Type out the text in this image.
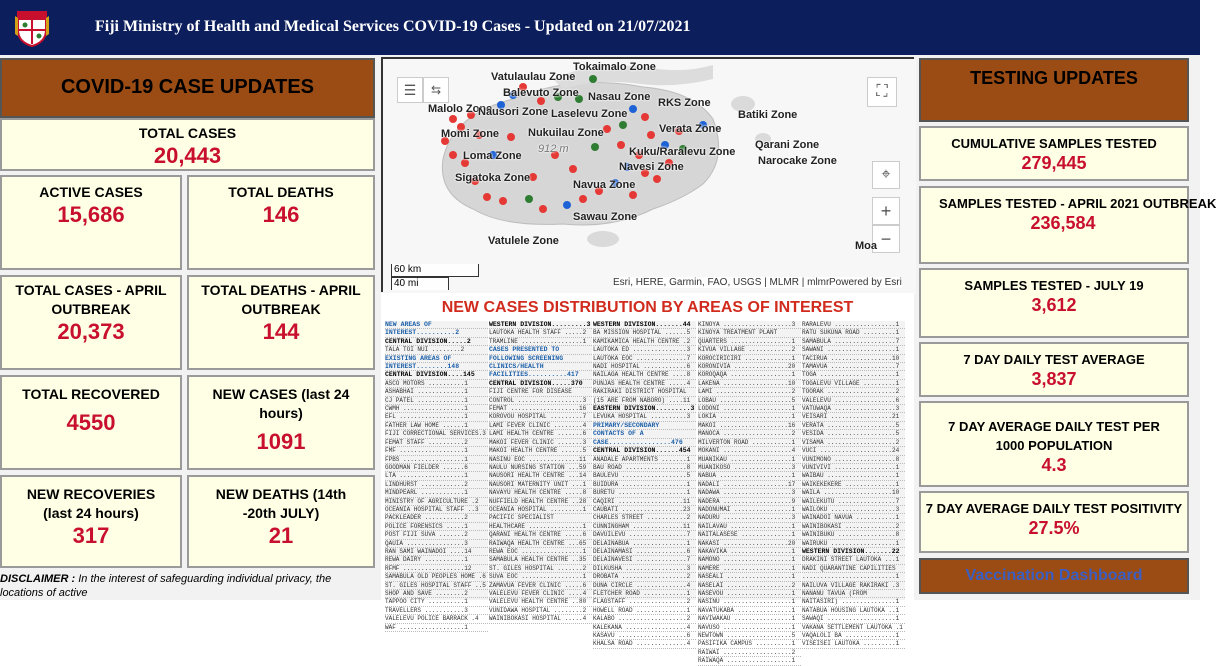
Fiji Ministry of Health and Medical Services COVID-19 Cases - Updated on 21/07/2021
COVID-19 CASE UPDATES
TOTAL CASES
20,443
ACTIVE CASES
15,686
TOTAL DEATHS
146
TOTAL CASES - APRIL OUTBREAK
20,373
TOTAL DEATHS - APRIL OUTBREAK
144
TOTAL RECOVERED
4550
NEW CASES (last 24 hours)
1091
NEW RECOVERIES (last 24 hours)
317
NEW DEATHS (14th -20th JULY)
21
DISCLAIMER : In the interest of safeguarding individual privacy, the locations of active
☰	⇆	⛶
⌖
+
−
Tokaimalo Zone
Vatulaulau Zone
Balevuto Zone Nasau Zone
Malolo Zone
Nausori Zone Laselevu Zone
RKS Zone
Batiki Zone
Momi Zone	Nukuilau Zone	Verata Zone
Kuku/Raralevu Zone
Qarani Zone
Loma Zone	Narocake Zone
Navesi Zone
Sigatoka Zone
Navua Zone
Sawau Zone
Vatulele Zone	Moa
912 m
60 km
40 mi	Esri, HERE, Garmin, FAO, USGS | MLMR | mlmr Powered by Esri
NEW CASES DISTRIBUTION BY AREAS OF INTEREST
NEW AREAS OF
INTEREST..........2
CENTRAL DIVISION.....2
TALA TOI NUI ........2
EXISTING AREAS OF
INTEREST........148
CENTRAL DIVISION....145
ASCO MOTORS ..........1
ASHABHAI .............1
CJ PATEL .............1
CWMH .................1
EFL ..................1
FATHER LAW HOME ......1
FIJI CORRECTIONAL SERVICES.3
FEMAT STAFF ..........2
FMF ..................1
FPBS .................1
GOODMAN FIELDER ......6
LTA ..................1
LINDHURST ............2
MINDPEARL ............1
MINISTRY OF AGRICULTURE .2
OCEANIA HOSPITAL STAFF ..3
PACKLEADER ...........2
POLICE FORENSICS .....1
POST FIJI SUVA .......2
QAUIA ................3
RAN SAMI WAINADOI ....14
REWA DAIRY ...........1
RFMF .................12
SAMABULA OLD PEOPLES HOME .6
ST. GILES HOSPITAL STAFF ..5
SHOP AND SAVE ........2
TAPPOO CITY ..........1
TRAVELLERS ...........3
VALELEVU POLICE BARRACK .4
WAF ..................1
WESTERN DIVISION.........3
LAUTOKA HEALTH STAFF .....2
TRAMLINE .................1
CASES PRESENTED TO
FOLLOWING SCREENING
CLINICS/HEALTH
FACILITIES..........417
CENTRAL DIVISION.....370
FIJI CENTRE FOR DISEASE
CONTROL ..................3
FEMAT ...................16
KOROVOU HOSPITAL .........7
LAMI FEVER CLINIC ........4
LAMI HEALTH CENTRE .......6
MAKOI FEVER CLINIC .......3
MAKOI HEALTH CENTRE ......5
NASINU EOC ..............11
NAULU NURSING STATION ...59
NAUSORI HEALTH CENTRE ...14
NAUSORI MATERNITY UNIT ...1
NAVAYU HEALTH CENTRE .....8
NUFFIELD HEALTH CENTRE ..28
OCEANIA HOSPITAL .........1
PACIFIC SPECIALIST
HEALTHCARE ...............1
QARANI HEALTH CENTRE .....6
RAIWAQA HEALTH CENTRE ...65
REWA EOC .................1
SAMABULA HEALTH CENTRE ..35
ST. GILES HOSPITAL .......2
SUVA EOC .................1
ZAMAVUA FEVER CLINIC .....6
VALELEVU FEVER CLINIC ....4
VALELEVU HEALTH CENTRE ..80
VUNIDAWA HOSPITAL ........2
WAINIBOKASI HOSPITAL .....4
WESTERN DIVISION.......44
BA MISSION HOSPITAL ......5
KAMIKAMICA HEALTH CENTRE .2
LAUTOKA ED ...............3
LAUTOKA EOC ..............7
NADI HOSPITAL ............6
NAILAGA HEALTH CENTRE ....8
PUNJAS HEALTH CENTRE .....4
RAKIRAKI DISTRICT HOSPITAL
(15 ARE FROM NABORO) ....11
EASTERN DIVISION.........3
LEVUKA HOSPITAL ..........3
PRIMARY/SECONDARY
CONTACTS OF A
CASE................476
CENTRAL DIVISION......454
ANADALE APARTMENTS .......1
BAU ROAD .................8
BAULEVU ..................5
BUIDURA ..................1
BURETU ...................1
CAQIRI ..................11
CAUBATI .................23
CHARLES STREET ...........2
CUNNINGHAM ..............11
DAVUILEVU ................7
DELAINABUA ...............1
DELAINAMASI ..............6
DELAINAVESI ..............7
DILKUSHA .................3
DROBATA ..................2
DUNA CIRCLE ..............4
FLETCHER ROAD ............1
FLAGSTAFF ................2
HOWELL ROAD ..............1
KALABO ...................2
KALEKANA .................4
KASAVU ...................6
KHALSA ROAD ..............4
KINOYA ...................3
KINOYA TREATMENT PLANT
QUARTERS .................1
KIVUA VILLAGE ............2
KOROCIRICIRI .............1
KORONIVIA ...............20
KOROQAQA .................1
LAKENA ..................10
LAMI .....................2
LOBAU ....................5
LODONI ...................1
LOKIA ....................1
MAKOI ...................16
MANOCA ...................2
MILVERTON ROAD ...........1
MOKANI ...................4
MUANIKAU .................1
MUANIKOSO ................3
NABUA ....................1
NADALI ..................17
NADAWA ...................3
NADERA ...................9
NADONUMAI ................1
NADURU ...................3
NAILAVAU .................1
NAITALASESE ..............1
NAKASI ..................20
NAKAVIKA .................1
NAMONO ...................1
NAMERE ...................1
NASEALI ..................1
NASELAI ..................2
NASEVOU ..................1
NASINU ...................1
NAVATUKABA ...............1
NAVIWAKAU ................1
NAVUSO ...................1
NEWTOWN ..................5
PASIFIKA CAMPUS ..........1
RAIWAI ...................2
RAIWAQA ..................1
RARALEVU .................1
RATU SUKUNA ROAD .........1
SAMABULA .................7
SAWANI ...................1
TACIRUA .................10
TAMAVUA ..................7
TOGA .....................1
TOGALEVU VILLAGE .........1
TOORAK ...................2
VALELEVU .................6
VATUWAQA .................3
VEISARI .................21
VERATA ...................5
VESIDA ...................5
VISAMA ...................2
VUCI ....................24
VUNIMONO .................8
VUNIVIVI .................1
WAIBAU ...................1
WAIKEKEKERE ..............1
WAILA ...................10
WAILEKUTU ................7
WAILOKU ..................3
WAINADOI NAVUA ...........1
WAINIBOKASI ..............2
WAINIBUKU ................8
WAIRUKU ..................1
WESTERN DIVISION.......22
DRAKINI STREET LAUTOKA ...1
NADI QUARANTINE CAPILITIES
..........................1
NAILUVA VILLAGE RAKIRAKI .3
NANANU TAVUA (FROM
NAITASIRI) ...............1
NATABUA HOUSING LAUTOKA ..1
SAWAQI ...................1
VAKANA SETTLEMENT LAUTOKA .1
VAQALOLI BA ..............1
VISEISEI LAUTOKA .........1
TESTING UPDATES
CUMULATIVE SAMPLES TESTED
279,445
SAMPLES TESTED - APRIL 2021 OUTBREAK
236,584
SAMPLES TESTED - JULY 19
3,612
7 DAY DAILY TEST AVERAGE
3,837
7 DAY AVERAGE DAILY TEST PER 1000 POPULATION
4.3
7 DAY AVERAGE DAILY TEST POSITIVITY
27.5%
Vaccination Dashboard
